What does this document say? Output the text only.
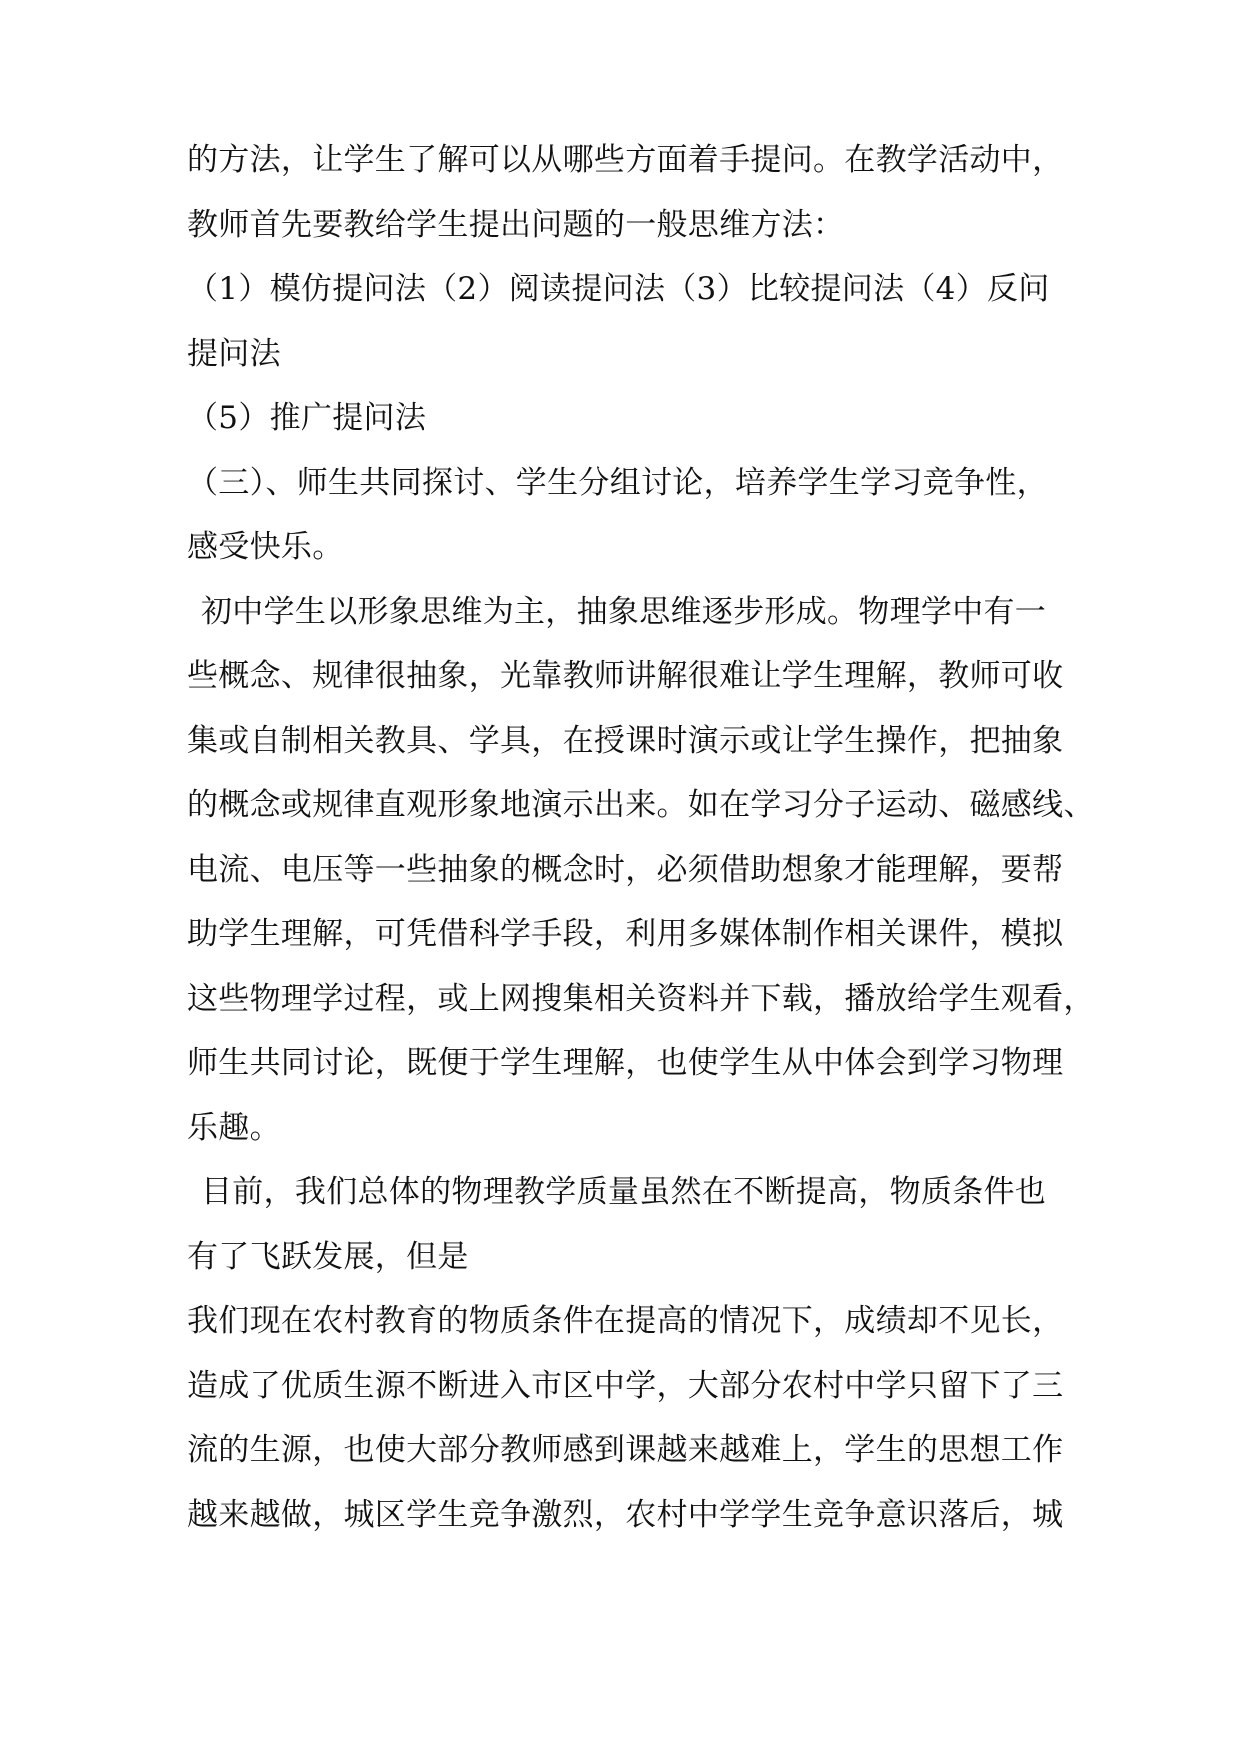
的方法，让学生了解可以从哪些方面着手提问。在教学活动中，
教师首先要教给学生提出问题的一般思维方法：
（1）模仿提问法（2）阅读提问法（3）比较提问法（4）反问
提问法
（5）推广提问法
（三）、师生共同探讨、学生分组讨论，培养学生学习竞争性，
感受快乐。
初中学生以形象思维为主，抽象思维逐步形成。物理学中有一
些概念、规律很抽象，光靠教师讲解很难让学生理解，教师可收
集或自制相关教具、学具，在授课时演示或让学生操作，把抽象
的概念或规律直观形象地演示出来。如在学习分子运动、磁感线、
电流、电压等一些抽象的概念时，必须借助想象才能理解，要帮
助学生理解，可凭借科学手段，利用多媒体制作相关课件，模拟
这些物理学过程，或上网搜集相关资料并下载，播放给学生观看，
师生共同讨论，既便于学生理解，也使学生从中体会到学习物理
乐趣。
目前，我们总体的物理教学质量虽然在不断提高，物质条件也
有了飞跃发展，但是
我们现在农村教育的物质条件在提高的情况下，成绩却不见长，
造成了优质生源不断进入市区中学，大部分农村中学只留下了三
流的生源，也使大部分教师感到课越来越难上，学生的思想工作
越来越做，城区学生竞争激烈，农村中学学生竞争意识落后，城
